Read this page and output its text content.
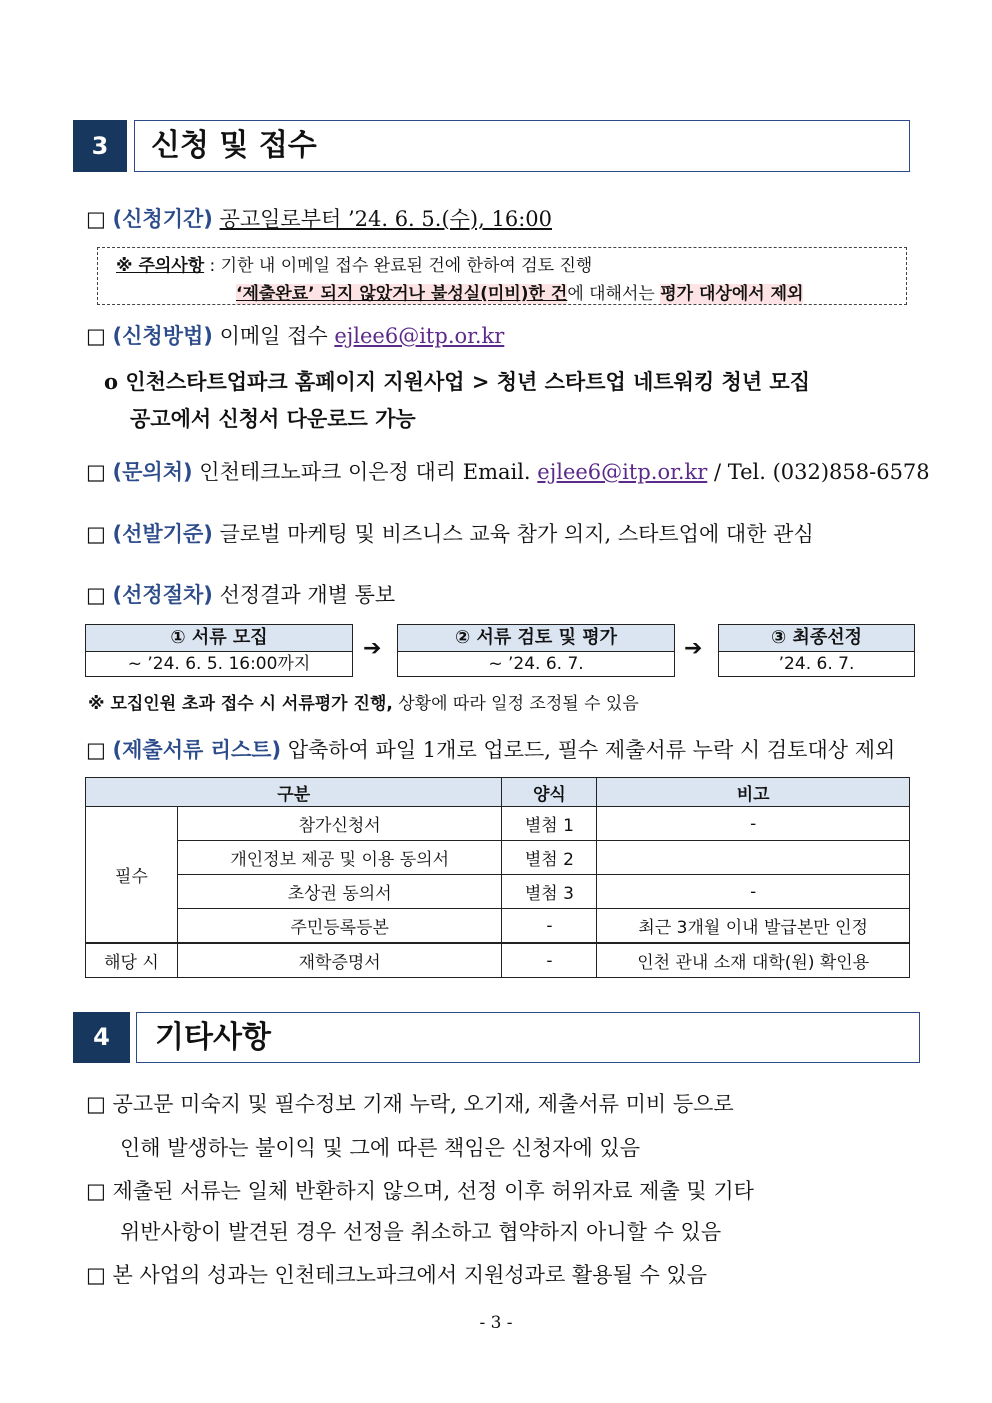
3	신청 및 접수
□ (신청기간) 공고일로부터 ’24. 6. 5.(수), 16:00
※ 주의사항 : 기한 내 이메일 접수 완료된 건에 한하여 검토 진행
‘제출완료’ 되지 않았거나 불성실(미비)한 건에 대해서는 평가 대상에서 제외
□ (신청방법) 이메일 접수 ejlee6@itp.or.kr
o 인천스타트업파크 홈페이지 지원사업 > 청년 스타트업 네트워킹 청년 모집
공고에서 신청서 다운로드 가능
□ (문의처) 인천테크노파크 이은정 대리 Email. ejlee6@itp.or.kr / Tel. (032)858-6578
□ (선발기준) 글로벌 마케팅 및 비즈니스 교육 참가 의지, 스타트업에 대한 관심
□ (선정절차) 선정결과 개별 통보
① 서류 모집
~ ’24. 6. 5. 16:00까지
➔	② 서류 검토 및 평가
~ ’24. 6. 7.
➔	③ 최종선정
’24. 6. 7.
※ 모집인원 초과 접수 시 서류평가 진행, 상황에 따라 일정 조정될 수 있음
□ (제출서류 리스트) 압축하여 파일 1개로 업로드, 필수 제출서류 누락 시 검토대상 제외
구분		양식	비고
필수	참가신청서	별첨 1	-
	개인정보 제공 및 이용 동의서	별첨 2	
	초상권 동의서	별첨 3	-
	주민등록등본	-	최근 3개월 이내 발급본만 인정
해당 시	재학증명서	-	인천 관내 소재 대학(원) 확인용
4	기타사항
□ 공고문 미숙지 및 필수정보 기재 누락, 오기재, 제출서류 미비 등으로
인해 발생하는 불이익 및 그에 따른 책임은 신청자에 있음
□ 제출된 서류는 일체 반환하지 않으며, 선정 이후 허위자료 제출 및 기타
위반사항이 발견된 경우 선정을 취소하고 협약하지 아니할 수 있음
□ 본 사업의 성과는 인천테크노파크에서 지원성과로 활용될 수 있음
- 3 -
